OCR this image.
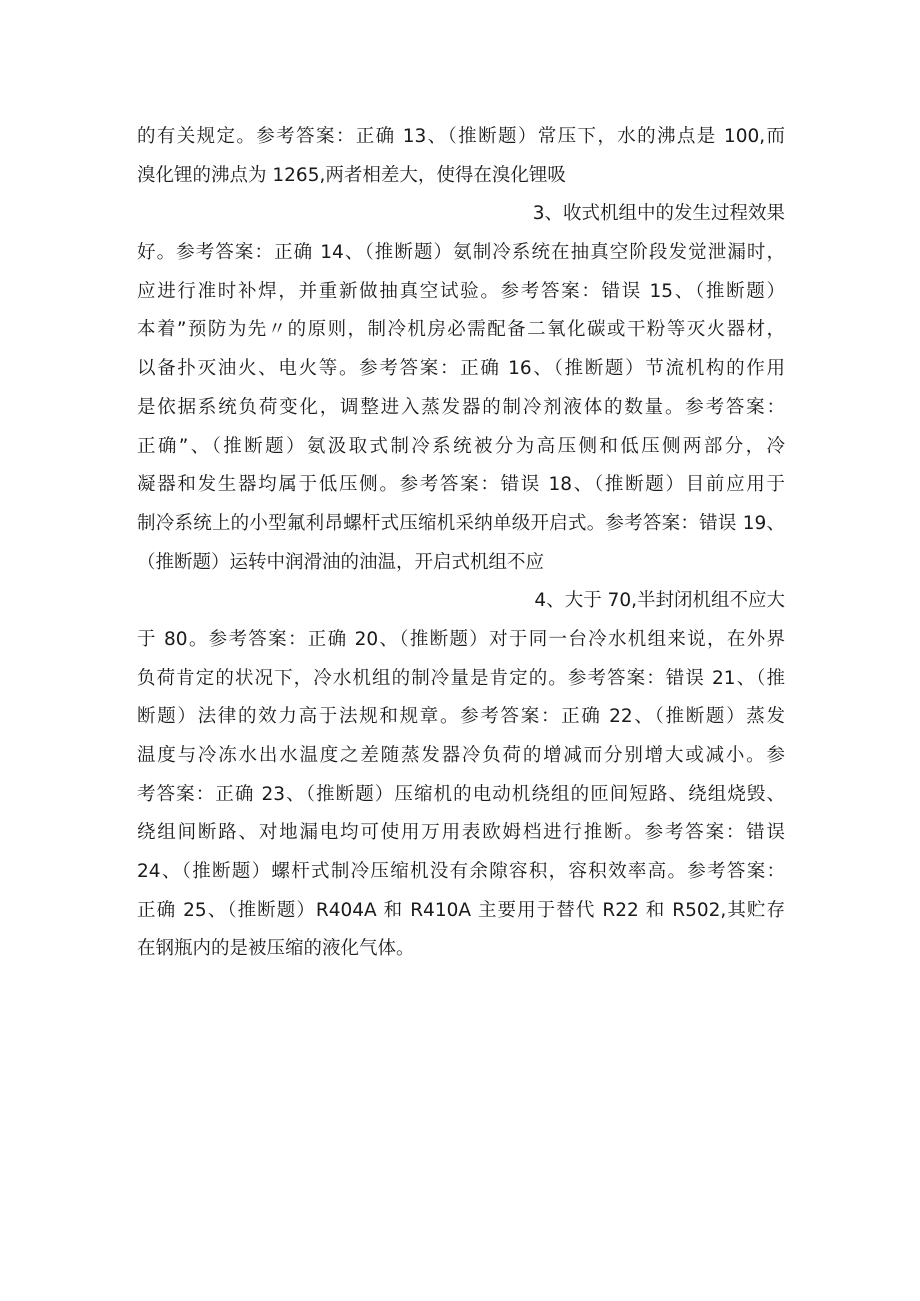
的有关规定。参考答案：正确 13、（推断题）常压下，水的沸点是 100,而
溴化锂的沸点为 1265,两者相差大，使得在溴化锂吸
3、收式机组中的发生过程效果
好。参考答案：正确 14、（推断题）氨制冷系统在抽真空阶段发觉泄漏时，
应进行准时补焊，并重新做抽真空试验。参考答案：错误 15、（推断题）
本着”预防为先〃的原则，制冷机房必需配备二氧化碳或干粉等灭火器材，
以备扑灭油火、电火等。参考答案：正确 16、（推断题）节流机构的作用
是依据系统负荷变化，调整进入蒸发器的制冷剂液体的数量。参考答案：
正确”、（推断题）氨汲取式制冷系统被分为高压侧和低压侧两部分，冷
凝器和发生器均属于低压侧。参考答案：错误 18、（推断题）目前应用于
制冷系统上的小型氟利昂螺杆式压缩机采纳单级开启式。参考答案：错误 19、
（推断题）运转中润滑油的油温，开启式机组不应
4、大于 70,半封闭机组不应大
于 80。参考答案：正确 20、（推断题）对于同一台冷水机组来说，在外界
负荷肯定的状况下，冷水机组的制冷量是肯定的。参考答案：错误 21、（推
断题）法律的效力高于法规和规章。参考答案：正确 22、（推断题）蒸发
温度与冷冻水出水温度之差随蒸发器冷负荷的增减而分别增大或减小。参
考答案：正确 23、（推断题）压缩机的电动机绕组的匝间短路、绕组烧毁、
绕组间断路、对地漏电均可使用万用表欧姆档进行推断。参考答案：错误
24、（推断题）螺杆式制冷压缩机没有余隙容积，容积效率高。参考答案：
正确 25、（推断题）R404A 和 R410A 主要用于替代 R22 和 R502,其贮存
在钢瓶内的是被压缩的液化气体。
